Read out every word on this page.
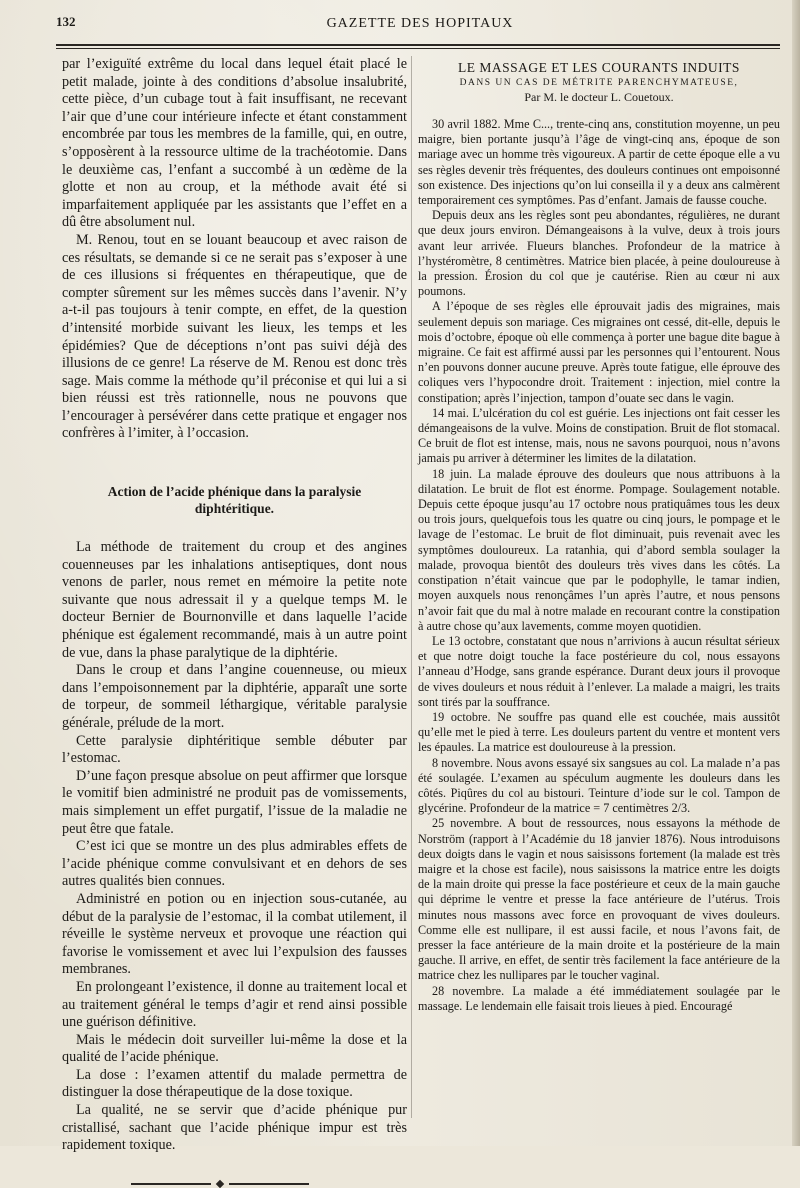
132	GAZETTE DES HOPITAUX

par l’exiguïté extrême du local dans lequel était placé le petit malade, jointe à des conditions d’absolue insalubrité, cette pièce, d’un cubage tout à fait insuffisant, ne recevant l’air que d’une cour intérieure infecte et étant constamment encombrée par tous les membres de la famille, qui, en outre, s’opposèrent à la ressource ultime de la trachéotomie. Dans le deuxième cas, l’enfant a succombé à un œdème de la glotte et non au croup, et la méthode avait été si imparfaitement appliquée par les assistants que l’effet en a dû être absolument nul.

M. Renou, tout en se louant beaucoup et avec raison de ces résultats, se demande si ce ne serait pas s’exposer à une de ces illusions si fréquentes en thérapeutique, que de compter sûrement sur les mêmes succès dans l’avenir. N’y a-t-il pas toujours à tenir compte, en effet, de la question d’intensité morbide suivant les lieux, les temps et les épidémies? Que de déceptions n’ont pas suivi déjà des illusions de ce genre! La réserve de M. Renou est donc très sage. Mais comme la méthode qu’il préconise et qui lui a si bien réussi est très rationnelle, nous ne pouvons que l’encourager à persévérer dans cette pratique et engager nos confrères à l’imiter, à l’occasion.

Action de l’acide phénique dans la paralysie diphtéritique.

La méthode de traitement du croup et des angines couenneuses par les inhalations antiseptiques, dont nous venons de parler, nous remet en mémoire la petite note suivante que nous adressait il y a quelque temps M. le docteur Bernier de Bournonville et dans laquelle l’acide phénique est également recommandé, mais à un autre point de vue, dans la phase paralytique de la diphtérie.

Dans le croup et dans l’angine couenneuse, ou mieux dans l’empoisonnement par la diphtérie, apparaît une sorte de torpeur, de sommeil léthargique, véritable paralysie générale, prélude de la mort.

Cette paralysie diphtéritique semble débuter par l’estomac.

D’une façon presque absolue on peut affirmer que lorsque le vomitif bien administré ne produit pas de vomissements, mais simplement un effet purgatif, l’issue de la maladie ne peut être que fatale.

C’est ici que se montre un des plus admirables effets de l’acide phénique comme convulsivant et en dehors de ses autres qualités bien connues.

Administré en potion ou en injection sous-cutanée, au début de la paralysie de l’estomac, il la combat utilement, il réveille le système nerveux et provoque une réaction qui favorise le vomissement et avec lui l’expulsion des fausses membranes.

En prolongeant l’existence, il donne au traitement local et au traitement général le temps d’agir et rend ainsi possible une guérison définitive.

Mais le médecin doit surveiller lui-même la dose et la qualité de l’acide phénique.

La dose : l’examen attentif du malade permettra de distinguer la dose thérapeutique de la dose toxique.

La qualité, ne se servir que d’acide phénique pur cristallisé, sachant que l’acide phénique impur est très rapidement toxique.

LE MASSAGE ET LES COURANTS INDUITS
DANS UN CAS DE MÉTRITE PARENCHYMATEUSE,
Par M. le docteur L. Couetoux.

30 avril 1882. Mme C..., trente-cinq ans, constitution moyenne, un peu maigre, bien portante jusqu’à l’âge de vingt-cinq ans, époque de son mariage avec un homme très vigoureux. A partir de cette époque elle a vu ses règles devenir très fréquentes, des douleurs continues ont empoisonné son existence. Des injections qu’on lui conseilla il y a deux ans calmèrent temporairement ces symptômes. Pas d’enfant. Jamais de fausse couche.

Depuis deux ans les règles sont peu abondantes, régulières, ne durant que deux jours environ. Démangeaisons à la vulve, deux à trois jours avant leur arrivée. Flueurs blanches. Profondeur de la matrice à l’hystéromètre, 8 centimètres. Matrice bien placée, à peine douloureuse à la pression. Érosion du col que je cautérise. Rien au cœur ni aux poumons.

A l’époque de ses règles elle éprouvait jadis des migraines, mais seulement depuis son mariage. Ces migraines ont cessé, dit-elle, depuis le mois d’octobre, époque où elle commença à porter une bague dite bague à migraine. Ce fait est affirmé aussi par les personnes qui l’entourent. Nous n’en pouvons donner aucune preuve. Après toute fatigue, elle éprouve des coliques vers l’hypocondre droit. Traitement : injection, miel contre la constipation; après l’injection, tampon d’ouate sec dans le vagin.

14 mai. L’ulcération du col est guérie. Les injections ont fait cesser les démangeaisons de la vulve. Moins de constipation. Bruit de flot stomacal. Ce bruit de flot est intense, mais, nous ne savons pourquoi, nous n’avons jamais pu arriver à déterminer les limites de la dilatation.

18 juin. La malade éprouve des douleurs que nous attribuons à la dilatation. Le bruit de flot est énorme. Pompage. Soulagement notable. Depuis cette époque jusqu’au 17 octobre nous pratiquâmes tous les deux ou trois jours, quelquefois tous les quatre ou cinq jours, le pompage et le lavage de l’estomac. Le bruit de flot diminuait, puis revenait avec les symptômes douloureux. La ratanhia, qui d’abord sembla soulager la malade, provoqua bientôt des douleurs très vives dans les côtés. La constipation n’était vaincue que par le podophylle, le tamar indien, moyen auxquels nous renonçâmes l’un après l’autre, et nous pensons n’avoir fait que du mal à notre malade en recourant contre la constipation à autre chose qu’aux lavements, comme moyen quotidien.

Le 13 octobre, constatant que nous n’arrivions à aucun résultat sérieux et que notre doigt touche la face postérieure du col, nous essayons l’anneau d’Hodge, sans grande espérance. Durant deux jours il provoque de vives douleurs et nous réduit à l’enlever. La malade a maigri, les traits sont tirés par la souffrance.

19 octobre. Ne souffre pas quand elle est couchée, mais aussitôt qu’elle met le pied à terre. Les douleurs partent du ventre et montent vers les épaules. La matrice est douloureuse à la pression.

8 novembre. Nous avons essayé six sangsues au col. La malade n’a pas été soulagée. L’examen au spéculum augmente les douleurs dans les côtés. Piqûres du col au bistouri. Teinture d’iode sur le col. Tampon de glycérine. Profondeur de la matrice = 7 centimètres 2/3.

25 novembre. A bout de ressources, nous essayons la méthode de Norström (rapport à l’Académie du 18 janvier 1876). Nous introduisons deux doigts dans le vagin et nous saisissons fortement (la malade est très maigre et la chose est facile), nous saisissons la matrice entre les doigts de la main droite qui presse la face postérieure et ceux de la main gauche qui déprime le ventre et presse la face antérieure de l’utérus. Trois minutes nous massons avec force en provoquant de vives douleurs. Comme elle est nullipare, il est aussi facile, et nous l’avons fait, de presser la face antérieure de la main droite et la postérieure de la main gauche. Il arrive, en effet, de sentir très facilement la face antérieure de la matrice chez les nullipares par le toucher vaginal.

28 novembre. La malade a été immédiatement soulagée par le massage. Le lendemain elle faisait trois lieues à pied. Encouragé
